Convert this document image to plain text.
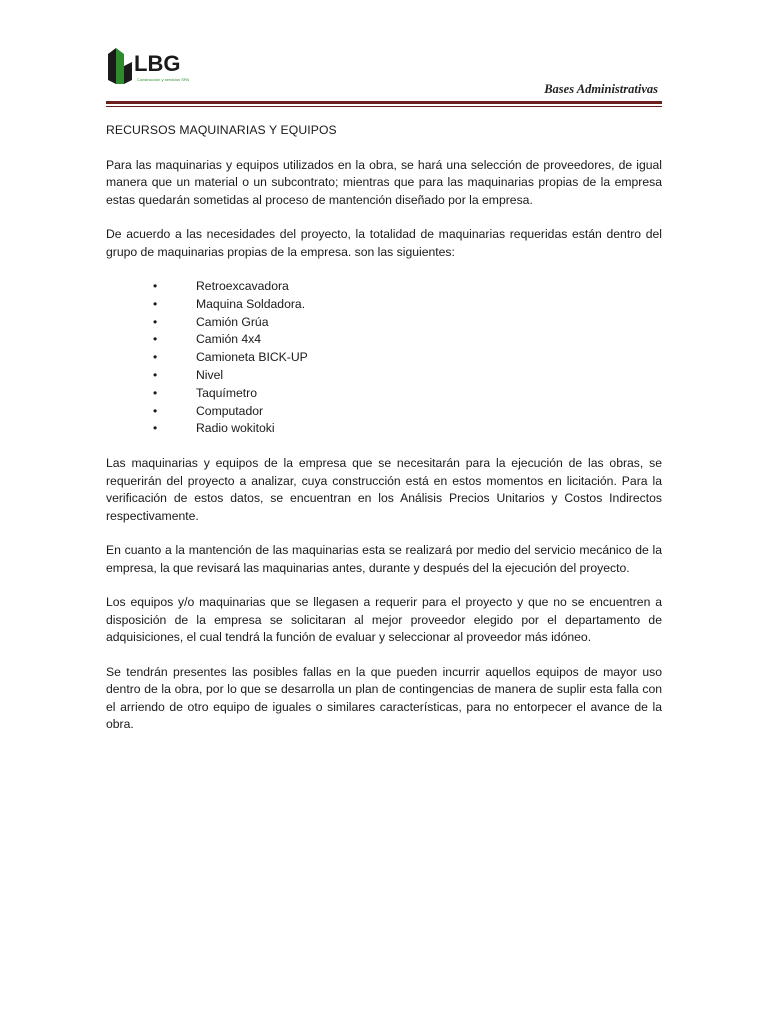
LBG
Construcción y servicios SPA
Bases Administrativas
RECURSOS MAQUINARIAS Y EQUIPOS

Para las maquinarias y equipos utilizados en la obra, se hará una selección de proveedores, de igual manera que un material o un subcontrato; mientras que para las maquinarias propias de la empresa estas quedarán sometidas al proceso de mantención diseñado por la empresa.

De acuerdo a las necesidades del proyecto, la totalidad de maquinarias requeridas están dentro del grupo de maquinarias propias de la empresa. son las siguientes:

•	Retroexcavadora
•	Maquina Soldadora.
•	Camión Grúa
•	Camión 4x4
•	Camioneta BICK-UP
•	Nivel
•	Taquímetro
•	Computador
•	Radio wokitoki

Las maquinarias y equipos de la empresa que se necesitarán para la ejecución de las obras, se requerirán del proyecto a analizar, cuya construcción está en estos momentos en licitación. Para la verificación de estos datos, se encuentran en los Análisis Precios Unitarios y Costos Indirectos respectivamente.

En cuanto a la mantención de las maquinarias esta se realizará por medio del servicio mecánico de la empresa, la que revisará las maquinarias antes, durante y después del la ejecución del proyecto.

Los equipos y/o maquinarias que se llegasen a requerir para el proyecto y que no se encuentren a disposición de la empresa se solicitaran al mejor proveedor elegido por el departamento de adquisiciones, el cual tendrá la función de evaluar y seleccionar al proveedor más idóneo.

Se tendrán presentes las posibles fallas en la que pueden incurrir aquellos equipos de mayor uso dentro de la obra, por lo que se desarrolla un plan de contingencias de manera de suplir esta falla con el arriendo de otro equipo de iguales o similares características, para no entorpecer el avance de la obra.
